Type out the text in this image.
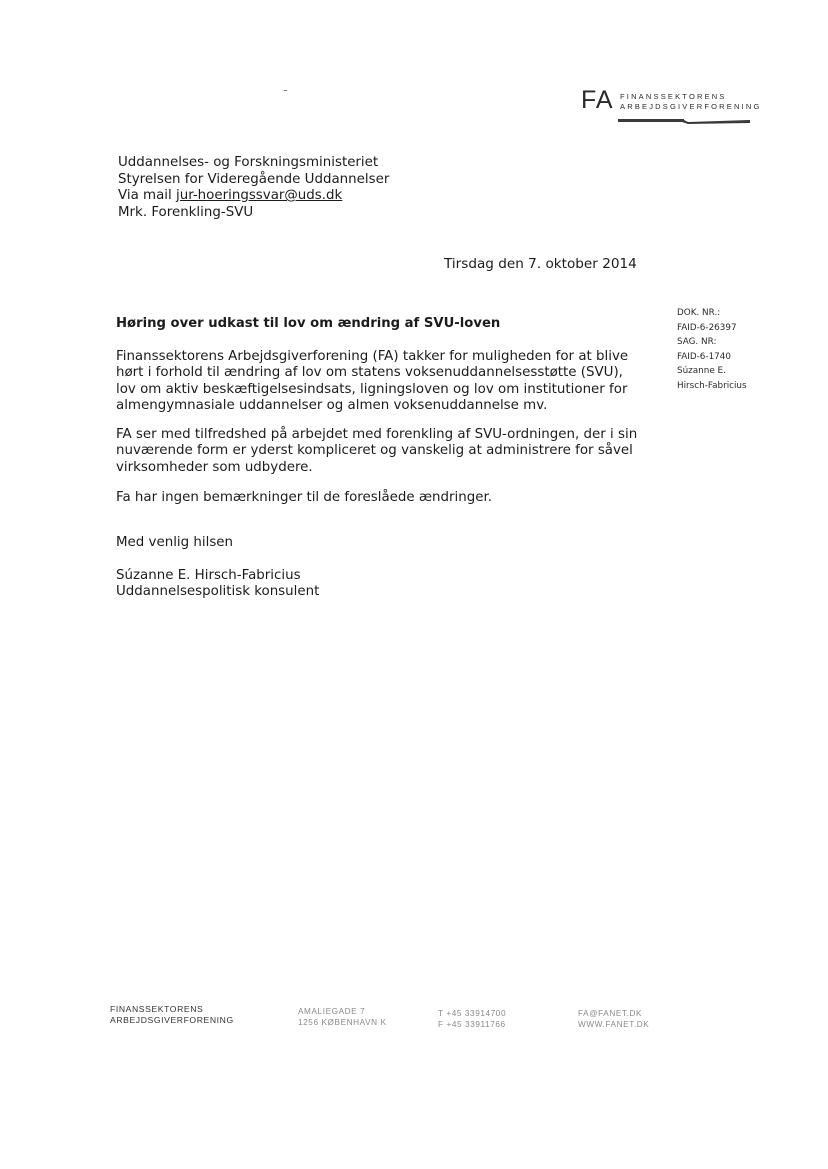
FA FINANSSEKTORENS
ARBEJDSGIVERFORENING
Uddannelses- og Forskningsministeriet
Styrelsen for Videregående Uddannelser
Via mail jur-hoeringssvar@uds.dk
Mrk. Forenkling-SVU
Tirsdag den 7. oktober 2014
DOK. NR.:
FAID-6-26397
SAG. NR:
FAID-6-1740
Súzanne E.
Hirsch-Fabricius
Høring over udkast til lov om ændring af SVU-loven
Finanssektorens Arbejdsgiverforening (FA) takker for muligheden for at blive
hørt i forhold til ændring af lov om statens voksenuddannelsesstøtte (SVU),
lov om aktiv beskæftigelsesindsats, ligningsloven og lov om institutioner for
almengymnasiale uddannelser og almen voksenuddannelse mv.
FA ser med tilfredshed på arbejdet med forenkling af SVU-ordningen, der i sin
nuværende form er yderst kompliceret og vanskelig at administrere for såvel
virksomheder som udbydere.
Fa har ingen bemærkninger til de foreslåede ændringer.
Med venlig hilsen
Súzanne E. Hirsch-Fabricius
Uddannelsespolitisk konsulent
FINANSSEKTORENS
ARBEJDSGIVERFORENING
AMALIEGADE 7
1256 KØBENHAVN K
T +45 33914700
F +45 33911766
FA@FANET.DK
WWW.FANET.DK
